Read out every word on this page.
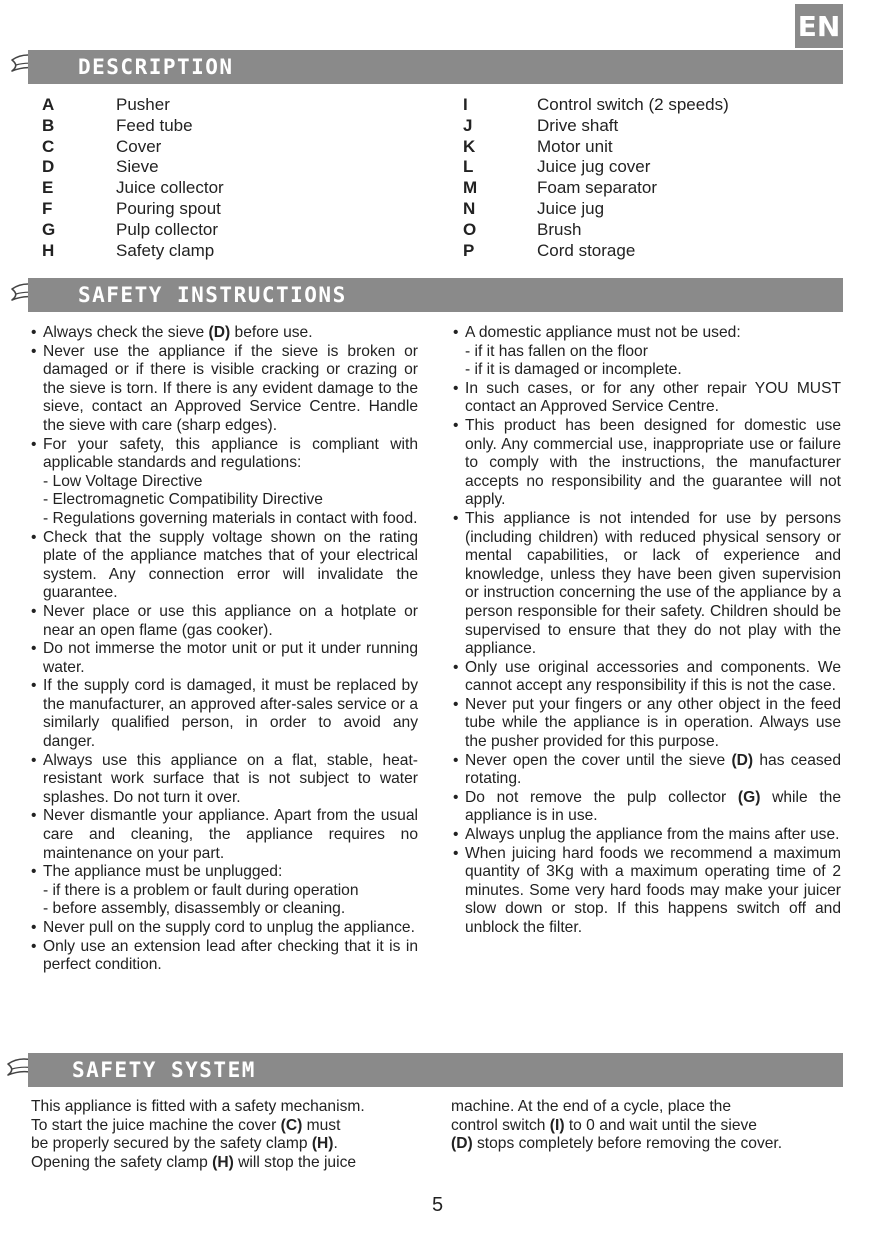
EN
DESCRIPTION
A	Pusher
B	Feed tube
C	Cover
D	Sieve
E	Juice collector
F	Pouring spout
G	Pulp collector
H	Safety clamp
I	Control switch (2 speeds)
J	Drive shaft
K	Motor unit
L	Juice jug cover
M	Foam separator
N	Juice jug
O	Brush
P	Cord storage
SAFETY INSTRUCTIONS
• Always check the sieve (D) before use.
• Never use the appliance if the sieve is broken or damaged or if there is visible cracking or crazing or the sieve is torn. If there is any evident damage to the sieve, contact an Approved Service Centre. Handle the sieve with care (sharp edges).
• For your safety, this appliance is compliant with applicable standards and regulations:
- Low Voltage Directive
- Electromagnetic Compatibility Directive
- Regulations governing materials in contact with food.
• Check that the supply voltage shown on the rating plate of the appliance matches that of your electrical system. Any connection error will invalidate the guarantee.
• Never place or use this appliance on a hotplate or near an open flame (gas cooker).
• Do not immerse the motor unit or put it under running water.
• If the supply cord is damaged, it must be replaced by the manufacturer, an approved after-sales service or a similarly qualified person, in order to avoid any danger.
• Always use this appliance on a flat, stable, heat-resistant work surface that is not subject to water splashes. Do not turn it over.
• Never dismantle your appliance. Apart from the usual care and cleaning, the appliance requires no maintenance on your part.
• The appliance must be unplugged:
- if there is a problem or fault during operation
- before assembly, disassembly or cleaning.
• Never pull on the supply cord to unplug the appliance.
• Only use an extension lead after checking that it is in perfect condition.
• A domestic appliance must not be used:
- if it has fallen on the floor
- if it is damaged or incomplete.
• In such cases, or for any other repair YOU MUST contact an Approved Service Centre.
• This product has been designed for domestic use only. Any commercial use, inappropriate use or failure to comply with the instructions, the manufacturer accepts no responsibility and the guarantee will not apply.
• This appliance is not intended for use by persons (including children) with reduced physical sensory or mental capabilities, or lack of experience and knowledge, unless they have been given supervision or instruction concerning the use of the appliance by a person responsible for their safety. Children should be supervised to ensure that they do not play with the appliance.
• Only use original accessories and components. We cannot accept any responsibility if this is not the case.
• Never put your fingers or any other object in the feed tube while the appliance is in operation. Always use the pusher provided for this purpose.
• Never open the cover until the sieve (D) has ceased rotating.
• Do not remove the pulp collector (G) while the appliance is in use.
• Always unplug the appliance from the mains after use.
• When juicing hard foods we recommend a maximum quantity of 3Kg with a maximum operating time of 2 minutes. Some very hard foods may make your juicer slow down or stop. If this happens switch off and unblock the filter.
SAFETY SYSTEM
This appliance is fitted with a safety mechanism.
To start the juice machine the cover (C) must
be properly secured by the safety clamp (H).
Opening the safety clamp (H) will stop the juice
machine. At the end of a cycle, place the
control switch (I) to 0 and wait until the sieve
(D) stops completely before removing the cover.
5
